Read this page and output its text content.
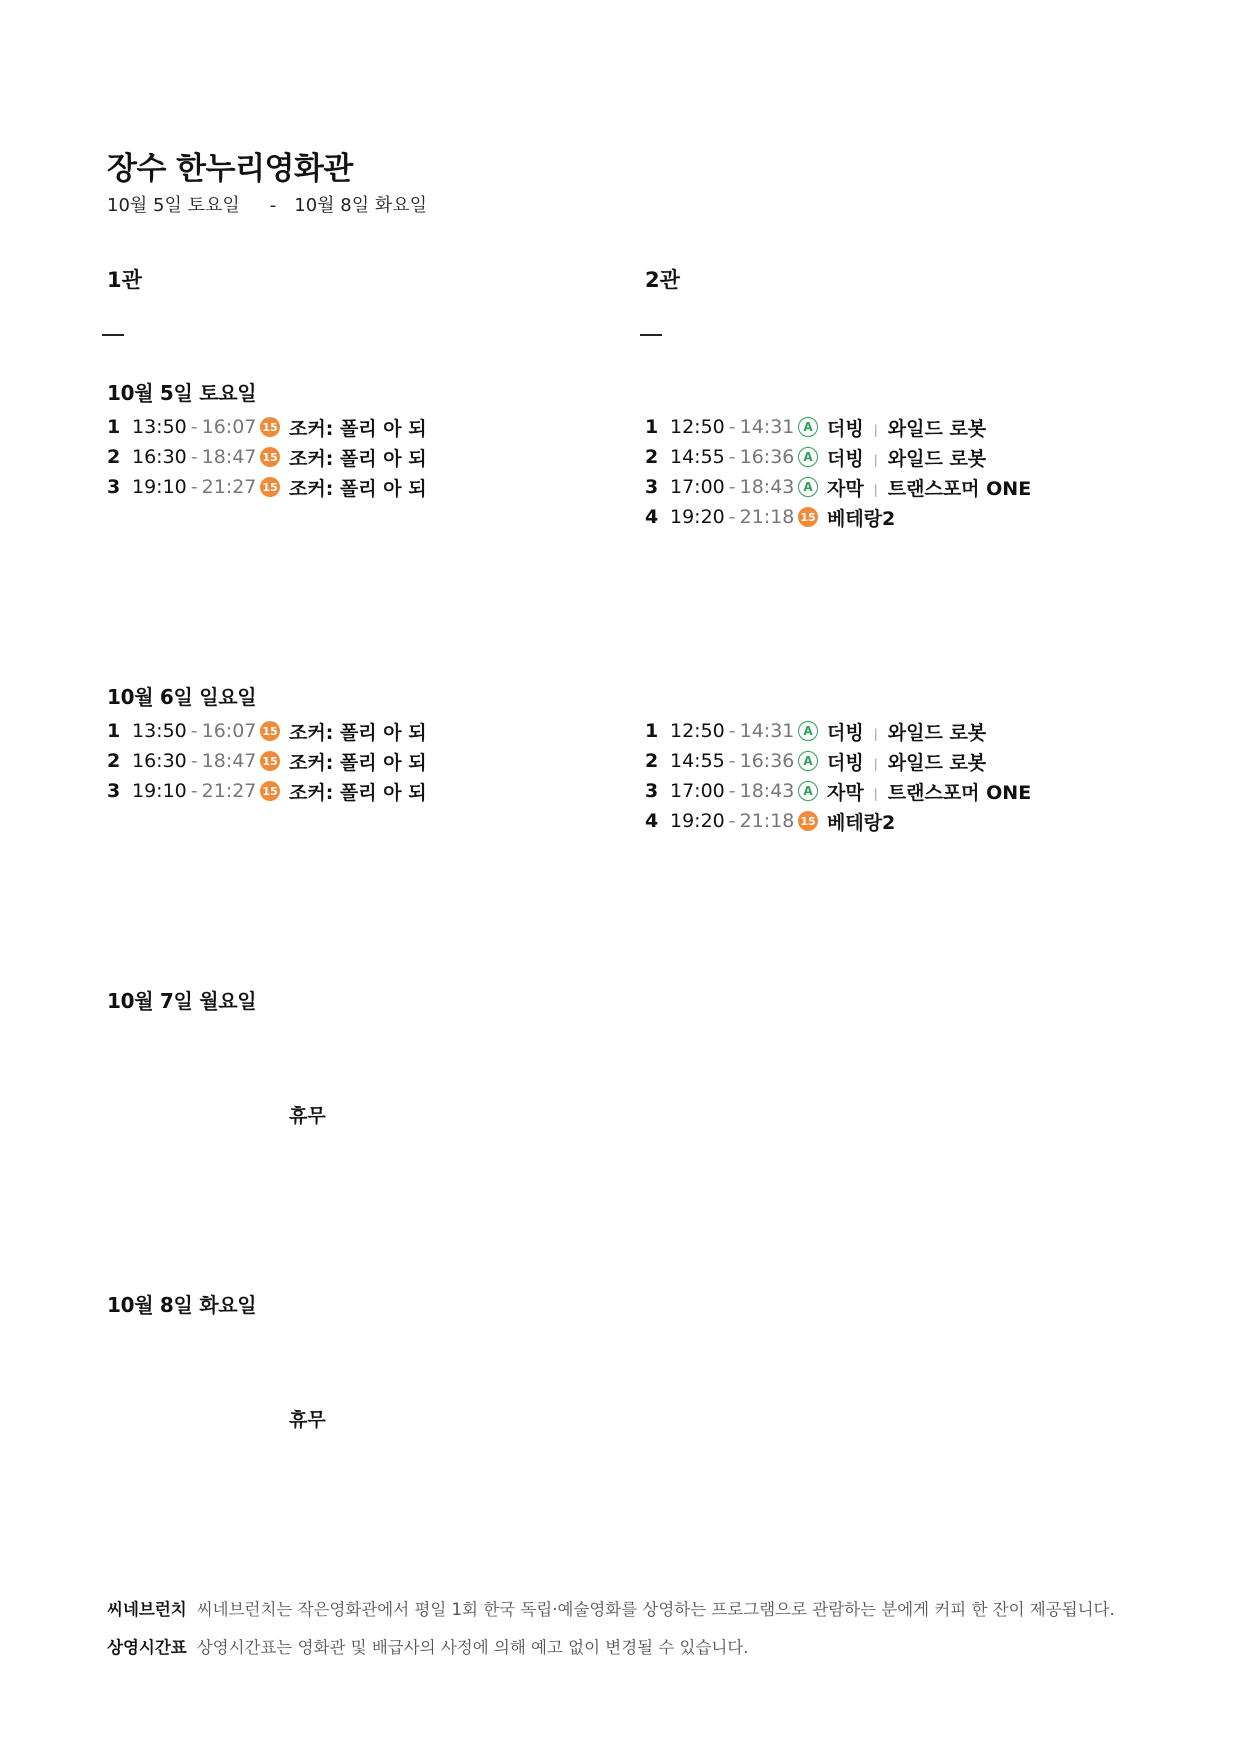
장수 한누리영화관
10월 5일 토요일 - 10월 8일 화요일
1관	2관
10월 5일 토요일
1 13:50 - 16:07 15 조커: 폴리 아 되
2 16:30 - 18:47 15 조커: 폴리 아 되
3 19:10 - 21:27 15 조커: 폴리 아 되
1 12:50 - 14:31 A 더빙 | 와일드 로봇
2 14:55 - 16:36 A 더빙 | 와일드 로봇
3 17:00 - 18:43 A 자막 | 트랜스포머 ONE
4 19:20 - 21:18 15 베테랑2
10월 6일 일요일
1 13:50 - 16:07 15 조커: 폴리 아 되
2 16:30 - 18:47 15 조커: 폴리 아 되
3 19:10 - 21:27 15 조커: 폴리 아 되
1 12:50 - 14:31 A 더빙 | 와일드 로봇
2 14:55 - 16:36 A 더빙 | 와일드 로봇
3 17:00 - 18:43 A 자막 | 트랜스포머 ONE
4 19:20 - 21:18 15 베테랑2
10월 7일 월요일
휴무
10월 8일 화요일
휴무
씨네브런치 씨네브런치는 작은영화관에서 평일 1회 한국 독립·예술영화를 상영하는 프로그램으로 관람하는 분에게 커피 한 잔이 제공됩니다.
상영시간표 상영시간표는 영화관 및 배급사의 사정에 의해 예고 없이 변경될 수 있습니다.
